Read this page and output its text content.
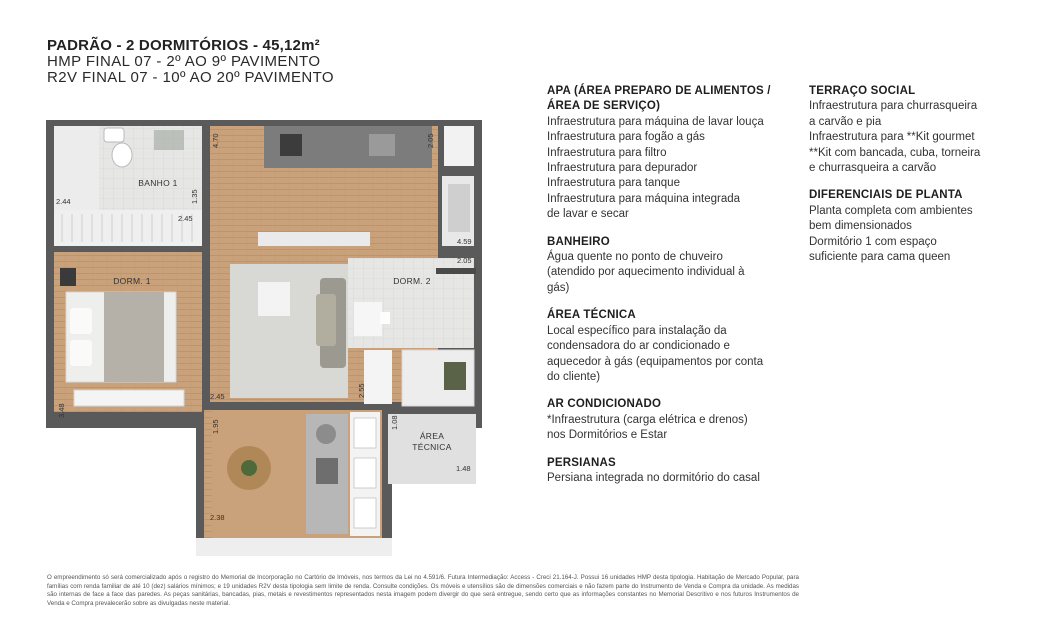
PADRÃO - 2 DORMITÓRIOS - 45,12m²
HMP FINAL 07 - 2º AO 9º PAVIMENTO
R2V FINAL 07 - 10º AO 20º PAVIMENTO
BANHO 1
DORM. 1	DORM. 2
ÁREA
TÉCNICA
4.70	2.05
2.44	1.35
2.45
4.59
2.05
2.55
2.45
3.48
1.95	1.08
1.48
2.38
APA (ÁREA PREPARO DE ALIMENTOS /
ÁREA DE SERVIÇO)
Infraestrutura para máquina de lavar louça
Infraestrutura para fogão a gás
Infraestrutura para filtro
Infraestrutura para depurador
Infraestrutura para tanque
Infraestrutura para máquina integrada
de lavar e secar
BANHEIRO
Água quente no ponto de chuveiro
(atendido por aquecimento individual à
gás)
ÁREA TÉCNICA
Local específico para instalação da
condensadora do ar condicionado e
aquecedor à gás (equipamentos por conta
do cliente)
AR CONDICIONADO
*Infraestrutura (carga elétrica e drenos)
nos Dormitórios e Estar
PERSIANAS
Persiana integrada no dormitório do casal
TERRAÇO SOCIAL
Infraestrutura para churrasqueira
a carvão e pia
Infraestrutura para **Kit gourmet
**Kit com bancada, cuba, torneira
e churrasqueira a carvão
DIFERENCIAIS DE PLANTA
Planta completa com ambientes
bem dimensionados
Dormitório 1 com espaço
suficiente para cama queen
O empreendimento só será comercializado após o registro do Memorial de Incorporação no Cartório de Imóveis, nos termos da Lei no 4.591/6. Futura Intermediação: Access - Creci 21.164-J. Possui 16 unidades HMP desta tipologia. Habitação de Mercado Popular, para famílias com renda familiar de até 10 (dez) salários mínimos; e 19 unidades R2V desta tipologia sem limite de renda. Consulte condições. Os móveis e utensílios são de dimensões comerciais e não fazem parte do Instrumento de Venda e Compra da unidade. As medidas são internas de face a face das paredes. As peças sanitárias, bancadas, pias, metais e revestimentos representados nesta imagem podem divergir do que será entregue, sendo certo que as informações constantes no Memorial Descritivo e nos futuros Instrumentos de Venda e Compra prevalecerão sobre as divulgadas neste material.
